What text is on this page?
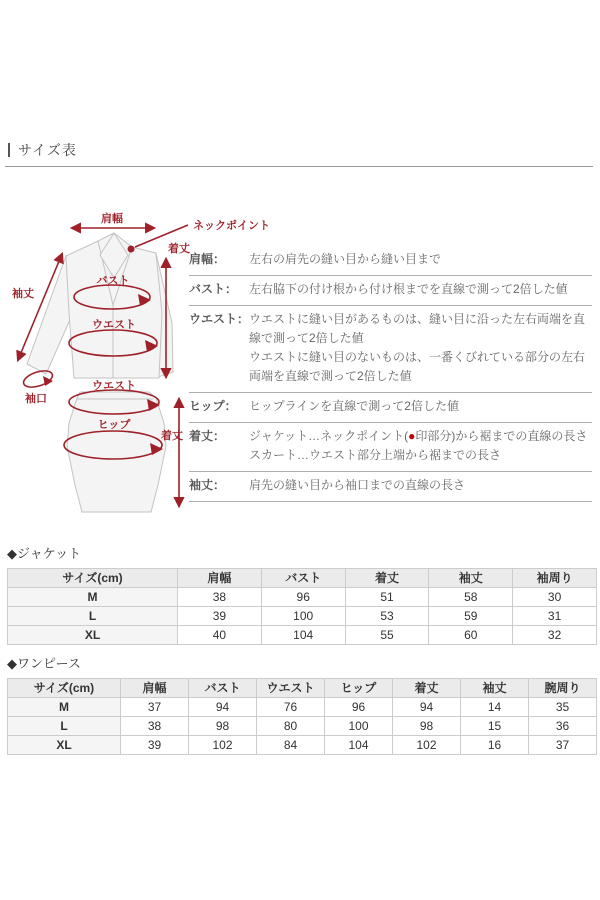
サイズ表
肩幅
ネックポイント
着丈
袖丈
バスト
ウエスト
袖口
ウエスト
ヒップ
着丈
肩幅：	左右の肩先の縫い目から縫い目まで
バスト： 左右脇下の付け根から付け根までを直線で測って2倍した値
ウエスト： ウエストに縫い目があるものは、縫い目に沿った左右両端を直線で測って2倍した値
ウエストに縫い目のないものは、一番くびれている部分の左右両端を直線で測って2倍した値
ヒップ：	ヒップラインを直線で測って2倍した値
着丈：	ジャケット…ネックポイント(●印部分)から裾までの直線の長さ
スカート…ウエスト部分上端から裾までの長さ
袖丈：	肩先の縫い目から袖口までの直線の長さ
◆ジャケット
サイズ(cm)	肩幅	バスト	着丈	袖丈	袖周り
M	38	96	51	58	30
L	39	100	53	59	31
XL	40	104	55	60	32
◆ワンピース
サイズ(cm)	肩幅	バスト	ウエスト	ヒップ	着丈	袖丈	腕周り
M	37	94	76	96	94	14	35
L	38	98	80	100	98	15	36
XL	39	102	84	104	102	16	37
